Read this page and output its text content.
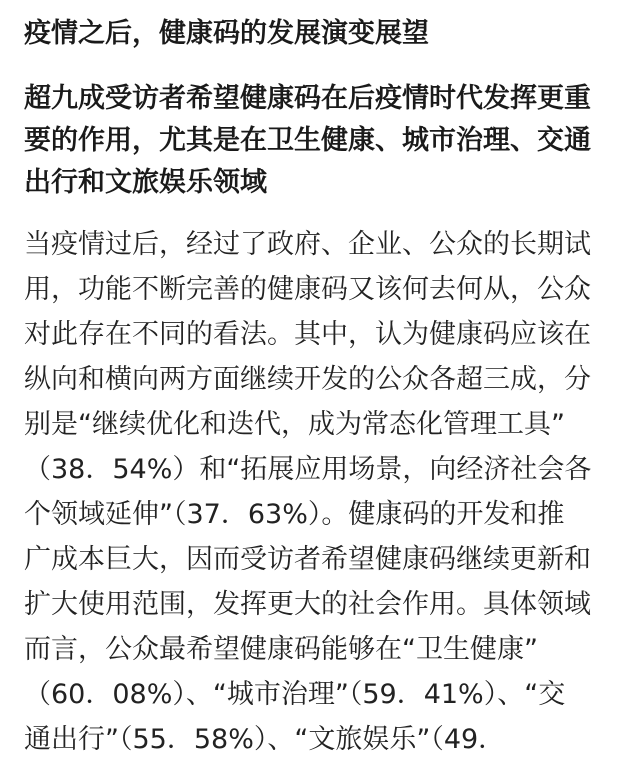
疫情之后，健康码的发展演变展望
超九成受访者希望健康码在后疫情时代发挥更重
要的作用，尤其是在卫生健康、城市治理、交通
出行和文旅娱乐领域

当疫情过后，经过了政府、企业、公众的长期试
用，功能不断完善的健康码又该何去何从，公众
对此存在不同的看法。其中，认为健康码应该在
纵向和横向两方面继续开发的公众各超三成，分
别是“继续优化和迭代，成为常态化管理工具”
（38．54%）和“拓展应用场景，向经济社会各
个领域延伸”（37．63%）。健康码的开发和推
广成本巨大，因而受访者希望健康码继续更新和
扩大使用范围，发挥更大的社会作用。具体领域
而言，公众最希望健康码能够在“卫生健康”
（60．08%）、“城市治理”（59．41%）、“交
通出行”（55．58%）、“文旅娱乐”（49．
